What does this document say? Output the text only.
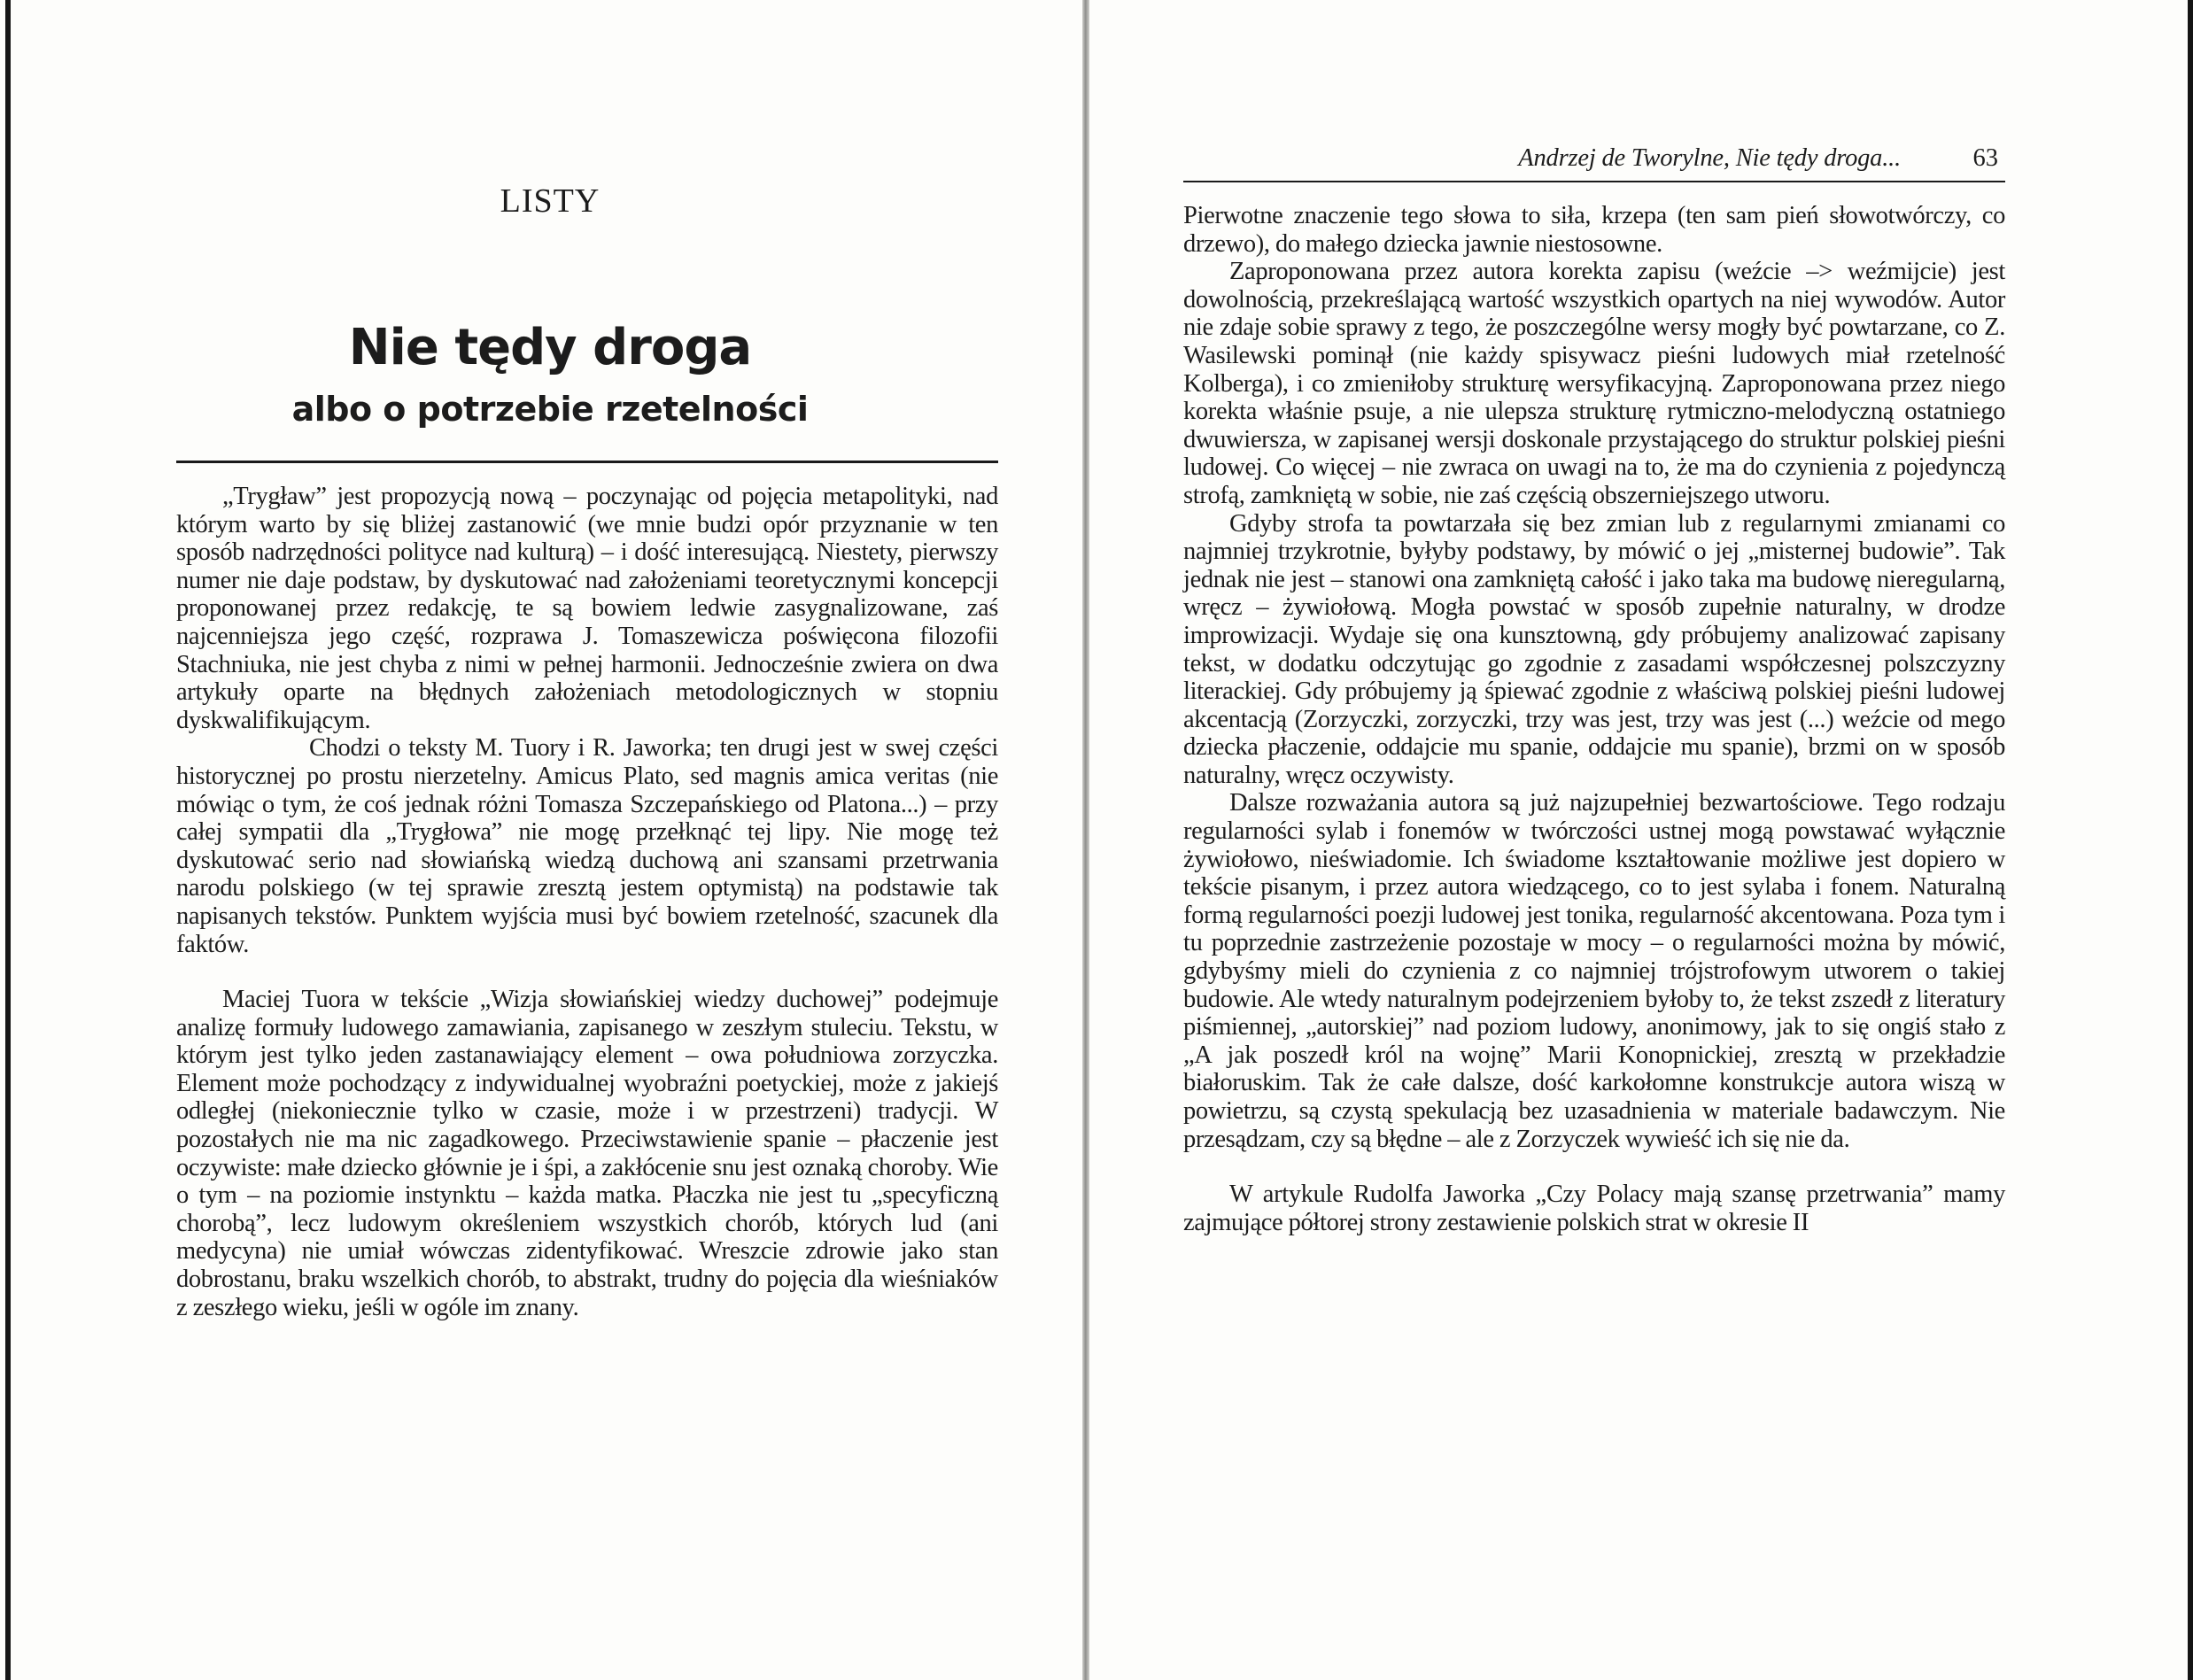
LISTY
Nie tędy droga
albo o potrzebie rzetelności

„Trygław” jest propozycją nową – poczynając od pojęcia metapolityki, nad którym warto by się bliżej zastanowić (we mnie budzi opór przyznanie w ten sposób nadrzędności polityce nad kulturą) – i dość interesującą. Niestety, pierwszy numer nie daje podstaw, by dyskutować nad założeniami teoretycznymi koncepcji proponowanej przez redakcję, te są bowiem ledwie zasygnalizowane, zaś najcenniejsza jego część, rozprawa J. Tomaszewicza poświęcona filozofii Stachniuka, nie jest chyba z nimi w pełnej harmonii. Jednocześnie zwiera on dwa artykuły oparte na błędnych założeniach metodologicznych w stopniu dyskwalifikującym.

Chodzi o teksty M. Tuory i R. Jaworka; ten drugi jest w swej części historycznej po prostu nierzetelny. Amicus Plato, sed magnis amica veritas (nie mówiąc o tym, że coś jednak różni Tomasza Szczepańskiego od Platona...) – przy całej sympatii dla „Trygłowa” nie mogę przełknąć tej lipy. Nie mogę też dyskutować serio nad słowiańską wiedzą duchową ani szansami przetrwania narodu polskiego (w tej sprawie zresztą jestem optymistą) na podstawie tak napisanych tekstów. Punktem wyjścia musi być bowiem rzetelność, szacunek dla faktów.

Maciej Tuora w tekście „Wizja słowiańskiej wiedzy duchowej” podejmuje analizę formuły ludowego zamawiania, zapisanego w zeszłym stuleciu. Tekstu, w którym jest tylko jeden zastanawiający element – owa południowa zorzyczka. Element może pochodzący z indywidualnej wyobraźni poetyckiej, może z jakiejś odległej (niekoniecznie tylko w czasie, może i w przestrzeni) tradycji. W pozostałych nie ma nic zagadkowego. Przeciwstawienie spanie – płaczenie jest oczywiste: małe dziecko głównie je i śpi, a zakłócenie snu jest oznaką choroby. Wie o tym – na poziomie instynktu – każda matka. Płaczka nie jest tu „specyficzną chorobą”, lecz ludowym określeniem wszystkich chorób, których lud (ani medycyna) nie umiał wówczas zidentyfikować. Wreszcie zdrowie jako stan dobrostanu, braku wszelkich chorób, to abstrakt, trudny do pojęcia dla wieśniaków z zeszłego wieku, jeśli w ogóle im znany.

Andrzej de Tworylne, Nie tędy droga...	63

Pierwotne znaczenie tego słowa to siła, krzepa (ten sam pień słowotwórczy, co drzewo), do małego dziecka jawnie niestosowne.

Zaproponowana przez autora korekta zapisu (weźcie –> weźmijcie) jest dowolnością, przekreślającą wartość wszystkich opartych na niej wywodów. Autor nie zdaje sobie sprawy z tego, że poszczególne wersy mogły być powtarzane, co Z. Wasilewski pominął (nie każdy spisywacz pieśni ludowych miał rzetelność Kolberga), i co zmieniłoby strukturę wersyfikacyjną. Zaproponowana przez niego korekta właśnie psuje, a nie ulepsza strukturę rytmiczno-melodyczną ostatniego dwuwiersza, w zapisanej wersji doskonale przystającego do struktur polskiej pieśni ludowej. Co więcej – nie zwraca on uwagi na to, że ma do czynienia z pojedynczą strofą, zamkniętą w sobie, nie zaś częścią obszerniejszego utworu.

Gdyby strofa ta powtarzała się bez zmian lub z regularnymi zmianami co najmniej trzykrotnie, byłyby podstawy, by mówić o jej „misternej budowie”. Tak jednak nie jest – stanowi ona zamkniętą całość i jako taka ma budowę nieregularną, wręcz – żywiołową. Mogła powstać w sposób zupełnie naturalny, w drodze improwizacji. Wydaje się ona kunsztowną, gdy próbujemy analizować zapisany tekst, w dodatku odczytując go zgodnie z zasadami współczesnej polszczyzny literackiej. Gdy próbujemy ją śpiewać zgodnie z właściwą polskiej pieśni ludowej akcentacją (Zorzyczki, zorzyczki, trzy was jest, trzy was jest (...) weźcie od mego dziecka płaczenie, oddajcie mu spanie, oddajcie mu spanie), brzmi on w sposób naturalny, wręcz oczywisty.

Dalsze rozważania autora są już najzupełniej bezwartościowe. Tego rodzaju regularności sylab i fonemów w twórczości ustnej mogą powstawać wyłącznie żywiołowo, nieświadomie. Ich świadome kształtowanie możliwe jest dopiero w tekście pisanym, i przez autora wiedzącego, co to jest sylaba i fonem. Naturalną formą regularności poezji ludowej jest tonika, regularność akcentowana. Poza tym i tu poprzednie zastrzeżenie pozostaje w mocy – o regularności można by mówić, gdybyśmy mieli do czynienia z co najmniej trójstrofowym utworem o takiej budowie. Ale wtedy naturalnym podejrzeniem byłoby to, że tekst zszedł z literatury piśmiennej, „autorskiej” nad poziom ludowy, anonimowy, jak to się ongiś stało z „A jak poszedł król na wojnę” Marii Konopnickiej, zresztą w przekładzie białoruskim. Tak że całe dalsze, dość karkołomne konstrukcje autora wiszą w powietrzu, są czystą spekulacją bez uzasadnienia w materiale badawczym. Nie przesądzam, czy są błędne – ale z Zorzyczek wywieść ich się nie da.

W artykule Rudolfa Jaworka „Czy Polacy mają szansę przetrwania” mamy zajmujące półtorej strony zestawienie polskich strat w okresie II
